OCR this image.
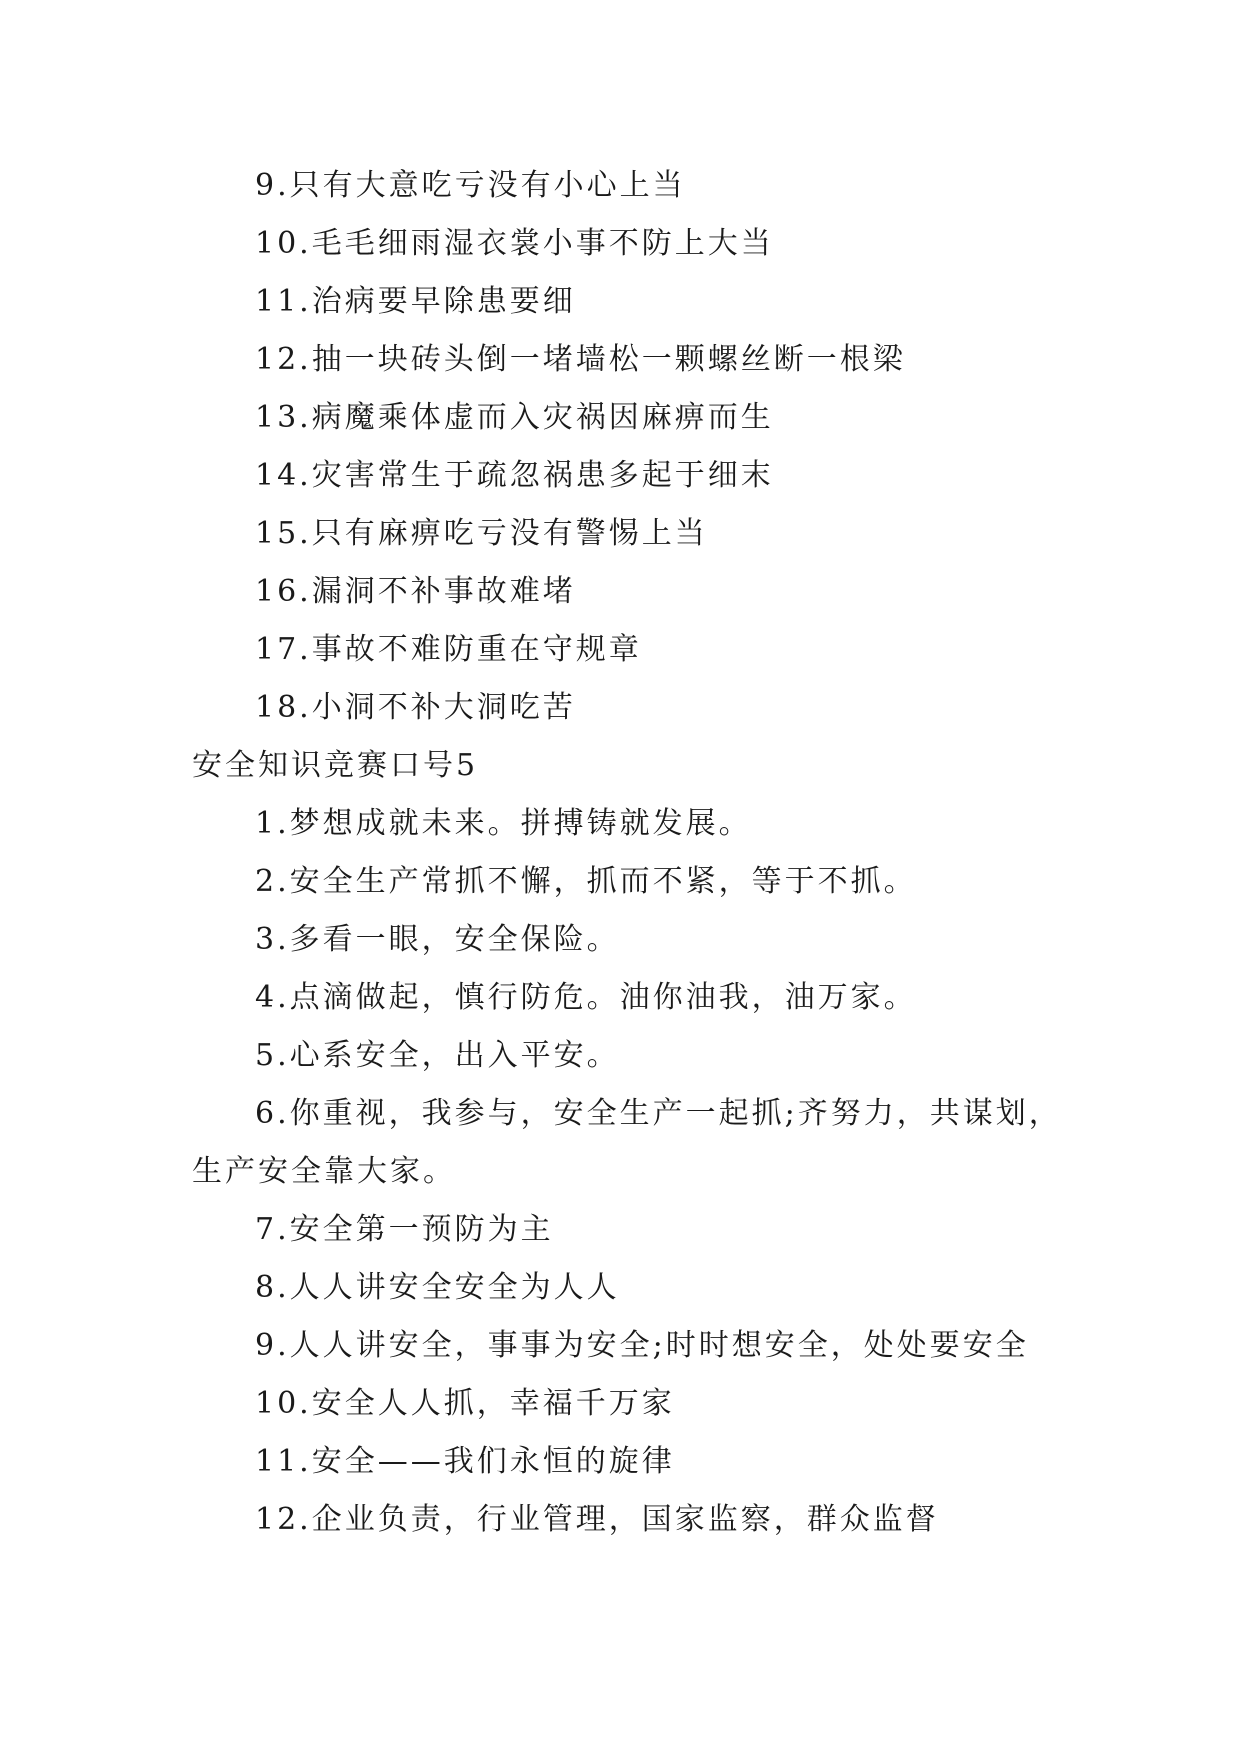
9.只有大意吃亏没有小心上当
10.毛毛细雨湿衣裳小事不防上大当
11.治病要早除患要细
12.抽一块砖头倒一堵墙松一颗螺丝断一根梁
13.病魔乘体虚而入灾祸因麻痹而生
14.灾害常生于疏忽祸患多起于细末
15.只有麻痹吃亏没有警惕上当
16.漏洞不补事故难堵
17.事故不难防重在守规章
18.小洞不补大洞吃苦
安全知识竞赛口号5
1.梦想成就未来。拼搏铸就发展。
2.安全生产常抓不懈，抓而不紧，等于不抓。
3.多看一眼，安全保险。
4.点滴做起，慎行防危。油你油我，油万家。
5.心系安全，出入平安。
6.你重视，我参与，安全生产一起抓;齐努力，共谋划，
生产安全靠大家。
7.安全第一预防为主
8.人人讲安全安全为人人
9.人人讲安全，事事为安全;时时想安全，处处要安全
10.安全人人抓，幸福千万家
11.安全——我们永恒的旋律
12.企业负责，行业管理，国家监察，群众监督
